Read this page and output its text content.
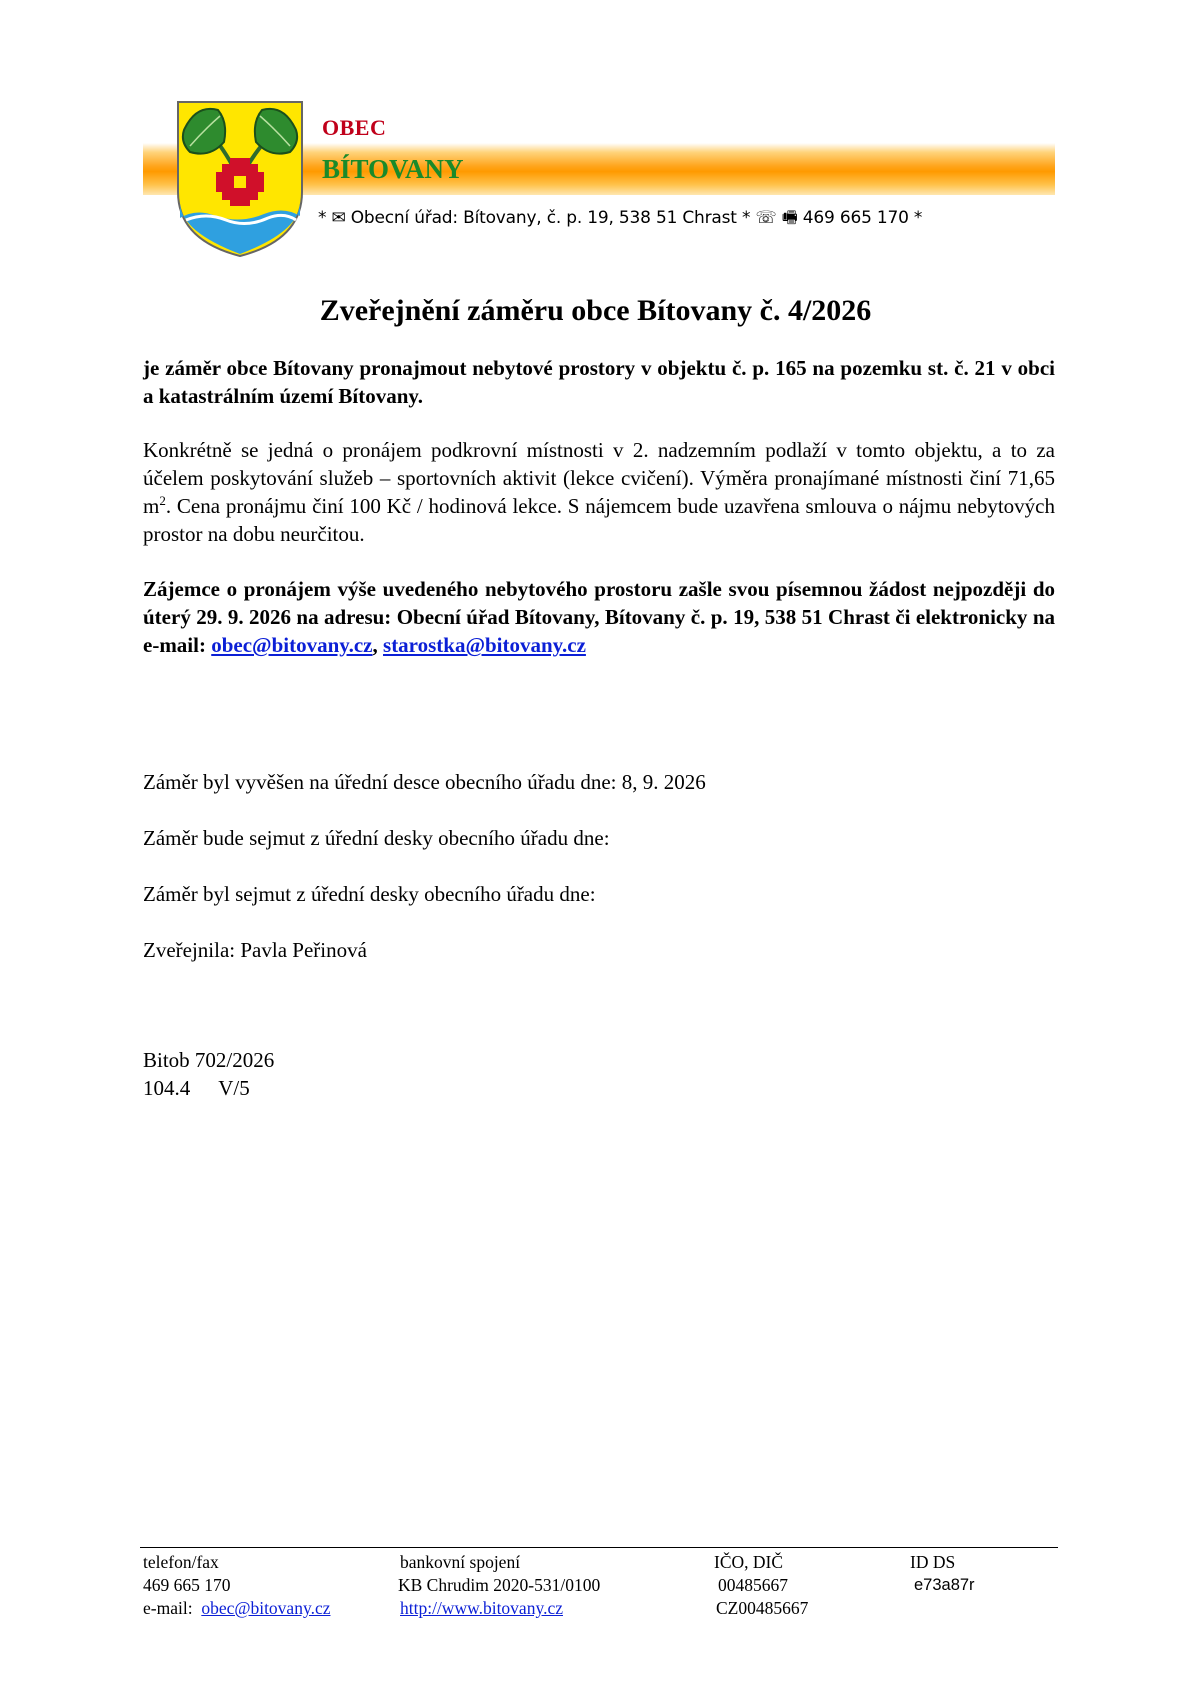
OBEC
BÍTOVANY
* ✉ Obecní úřad: Bítovany, č. p. 19, 538 51 Chrast * ☏ 🖷 469 665 170 *
Zveřejnění záměru obce Bítovany č. 4/2026
je záměr obce Bítovany pronajmout nebytové prostory v objektu č. p. 165 na pozemku st. č. 21 v obci a katastrálním území Bítovany.
Konkrétně se jedná o pronájem podkrovní místnosti v 2. nadzemním podlaží v tomto objektu, a to za účelem poskytování služeb – sportovních aktivit (lekce cvičení). Výměra pronajímané místnosti činí 71,65 $m^2$. Cena pronájmu činí 100 Kč / hodinová lekce. S nájemcem bude uzavřena smlouva o nájmu nebytových prostor na dobu neurčitou.
Zájemce o pronájem výše uvedeného nebytového prostoru zašle svou písemnou žádost nejpozději do úterý 29. 9. 2026 na adresu: Obecní úřad Bítovany, Bítovany č. p. 19, 538 51 Chrast či elektronicky na e-mail: obec@bitovany.cz, starostka@bitovany.cz
Záměr byl vyvěšen na úřední desce obecního úřadu dne: 8, 9. 2026
Záměr bude sejmut z úřední desky obecního úřadu dne:
Záměr byl sejmut z úřední desky obecního úřadu dne:
Zveřejnila: Pavla Peřinová
Bitob 702/2026
104.4 V/5
telefon/fax
469 665 170
e-mail: obec@bitovany.cz
bankovní spojení
KB Chrudim 2020-531/0100
http://www.bitovany.cz
IČO, DIČ
00485667
CZ00485667
ID DS
e73a87r
